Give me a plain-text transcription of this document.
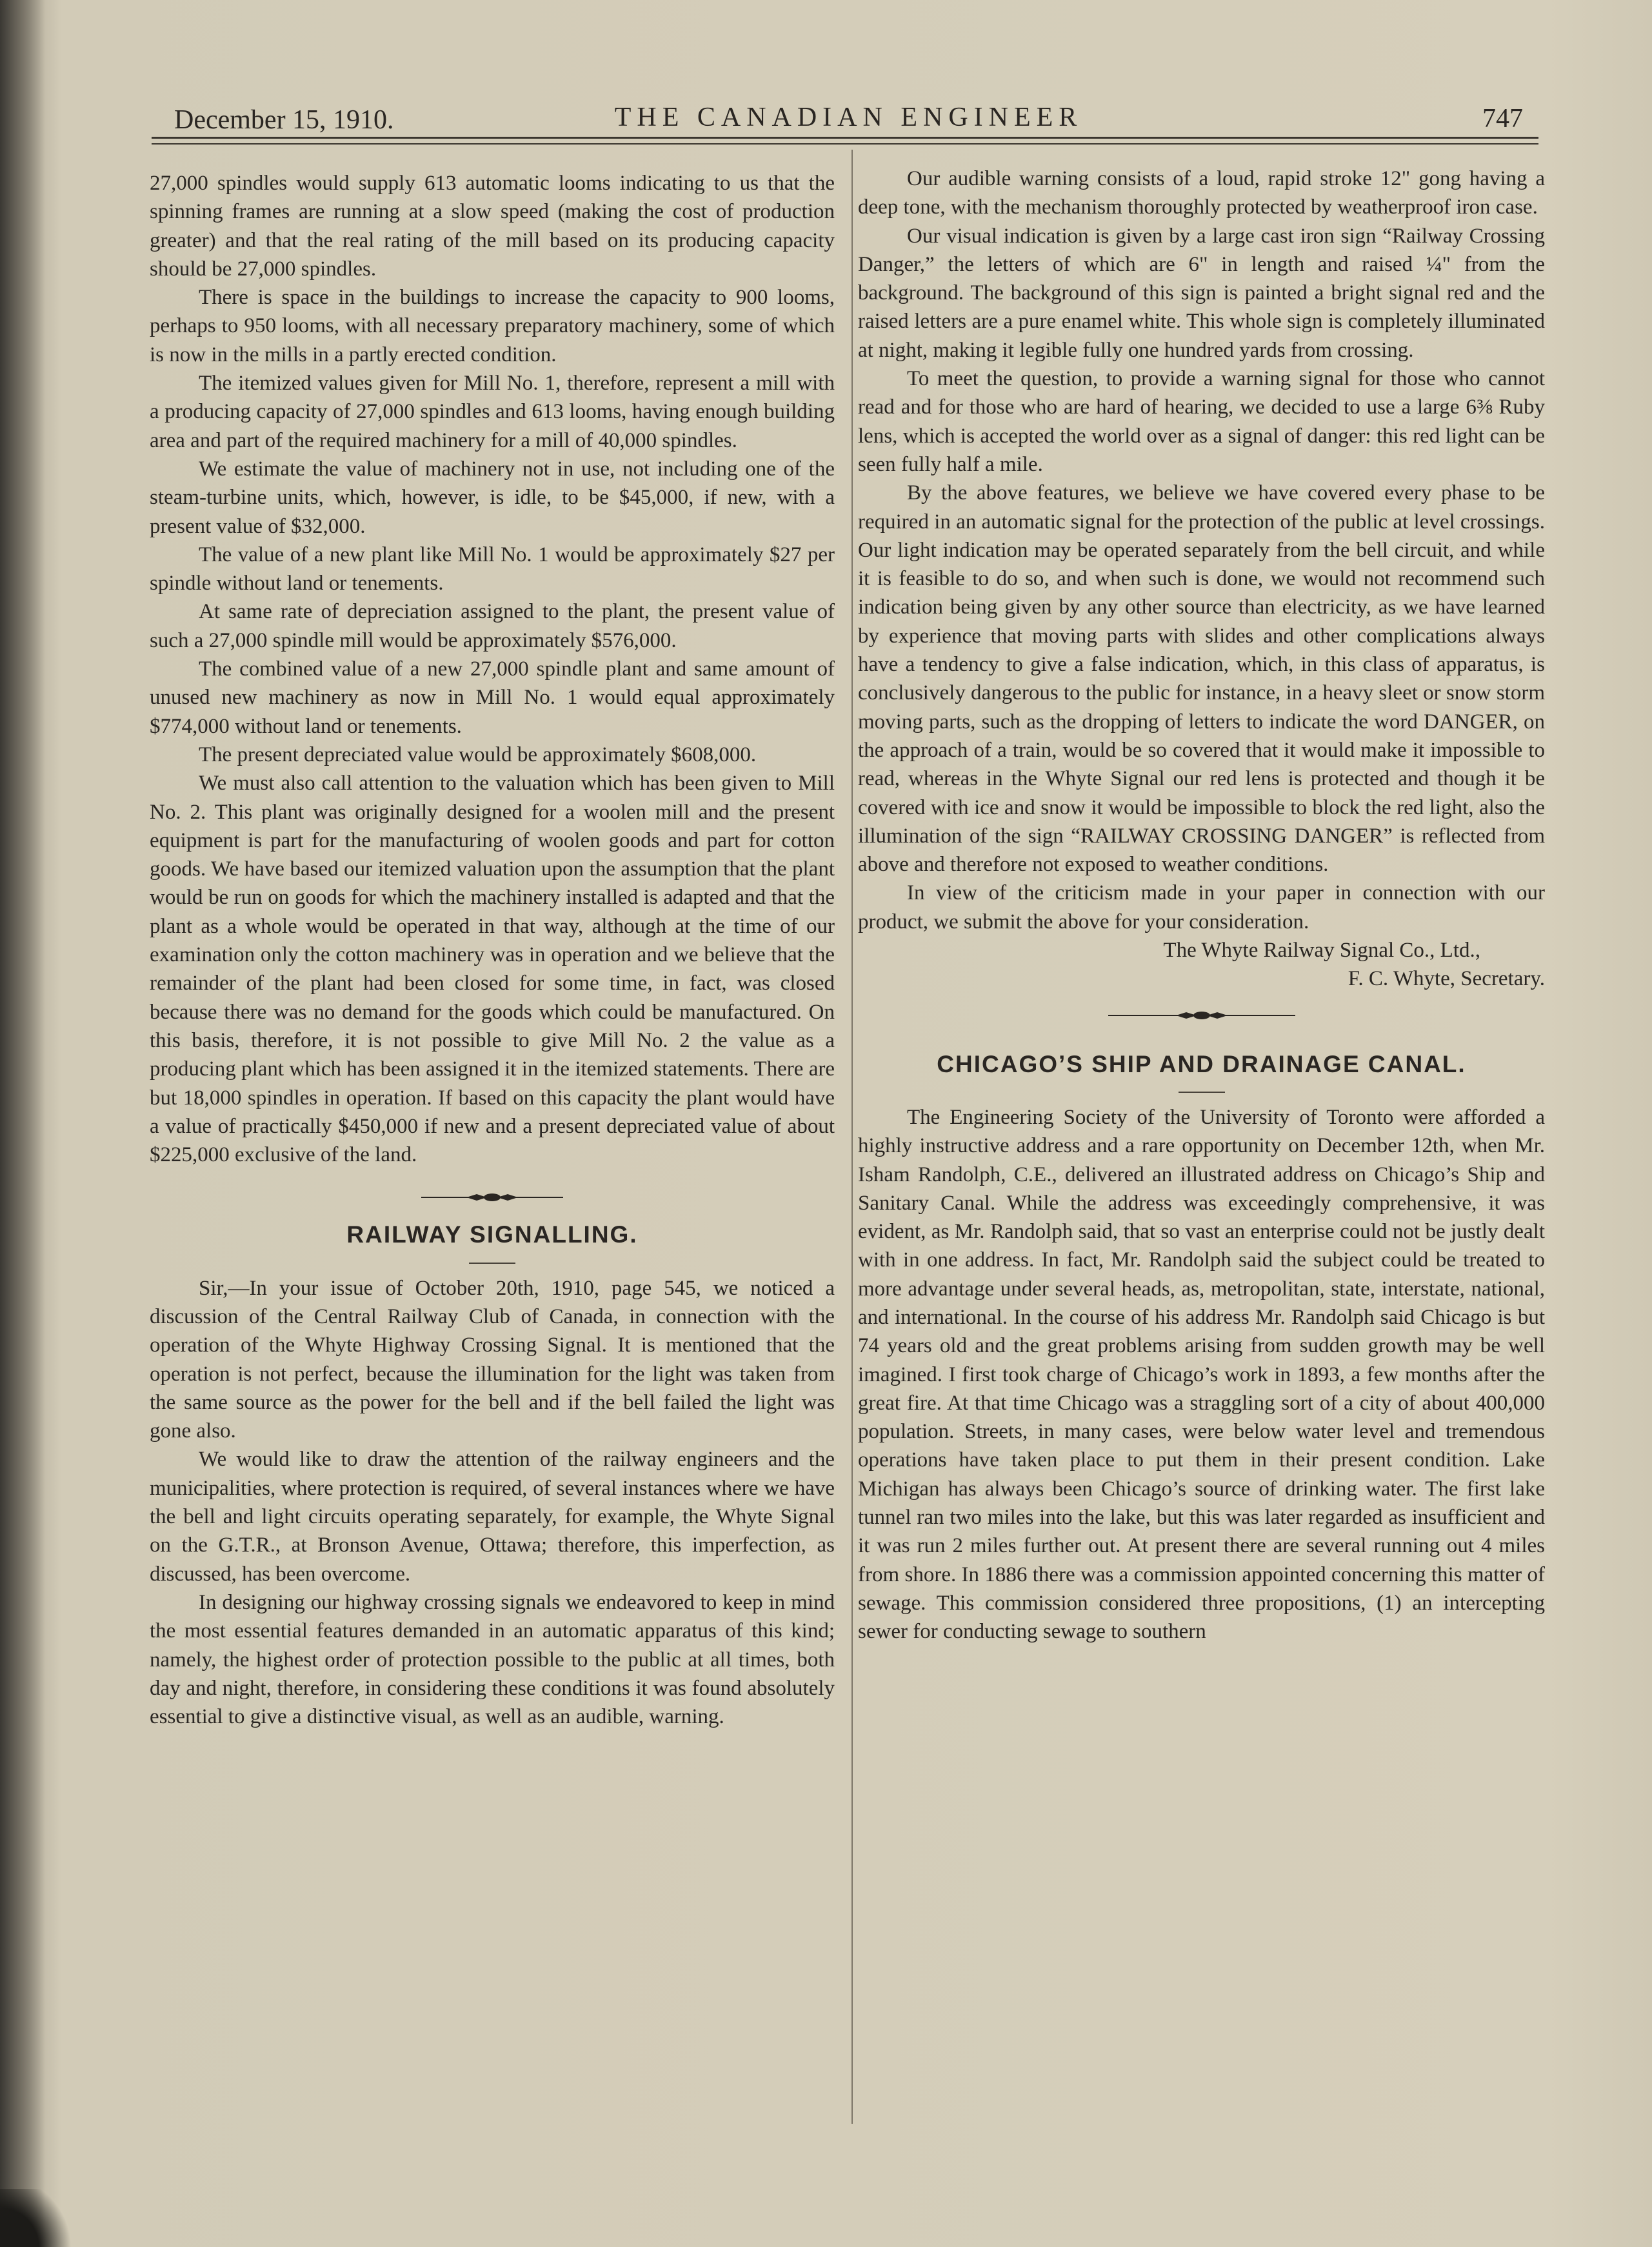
December 15, 1910.	THE CANADIAN ENGINEER	747

27,000 spindles would supply 613 automatic looms indicating to us that the spinning frames are running at a slow speed (making the cost of production greater) and that the real rating of the mill based on its producing capacity should be 27,000 spindles.

There is space in the buildings to increase the capacity to 900 looms, perhaps to 950 looms, with all necessary preparatory machinery, some of which is now in the mills in a partly erected condition.

The itemized values given for Mill No. 1, therefore, represent a mill with a producing capacity of 27,000 spindles and 613 looms, having enough building area and part of the required machinery for a mill of 40,000 spindles.

We estimate the value of machinery not in use, not including one of the steam-turbine units, which, however, is idle, to be $45,000, if new, with a present value of $32,000.

The value of a new plant like Mill No. 1 would be approximately $27 per spindle without land or tenements.

At same rate of depreciation assigned to the plant, the present value of such a 27,000 spindle mill would be approximately $576,000.

The combined value of a new 27,000 spindle plant and same amount of unused new machinery as now in Mill No. 1 would equal approximately $774,000 without land or tenements.

The present depreciated value would be approximately $608,000.

We must also call attention to the valuation which has been given to Mill No. 2. This plant was originally designed for a woolen mill and the present equipment is part for the manufacturing of woolen goods and part for cotton goods. We have based our itemized valuation upon the assumption that the plant would be run on goods for which the machinery installed is adapted and that the plant as a whole would be operated in that way, although at the time of our examination only the cotton machinery was in operation and we believe that the remainder of the plant had been closed for some time, in fact, was closed because there was no demand for the goods which could be manufactured. On this basis, therefore, it is not possible to give Mill No. 2 the value as a producing plant which has been assigned it in the itemized statements. There are but 18,000 spindles in operation. If based on this capacity the plant would have a value of practically $450,000 if new and a present depreciated value of about $225,000 exclusive of the land.

RAILWAY SIGNALLING.

Sir,—In your issue of October 20th, 1910, page 545, we noticed a discussion of the Central Railway Club of Canada, in connection with the operation of the Whyte Highway Crossing Signal. It is mentioned that the operation is not perfect, because the illumination for the light was taken from the same source as the power for the bell and if the bell failed the light was gone also.

We would like to draw the attention of the railway engineers and the municipalities, where protection is required, of several instances where we have the bell and light circuits operating separately, for example, the Whyte Signal on the G.T.R., at Bronson Avenue, Ottawa; therefore, this imperfection, as discussed, has been overcome.

In designing our highway crossing signals we endeavored to keep in mind the most essential features demanded in an automatic apparatus of this kind; namely, the highest order of protection possible to the public at all times, both day and night, therefore, in considering these conditions it was found absolutely essential to give a distinctive visual, as well as an audible, warning.

Our audible warning consists of a loud, rapid stroke 12" gong having a deep tone, with the mechanism thoroughly protected by weatherproof iron case.

Our visual indication is given by a large cast iron sign “Railway Crossing Danger,” the letters of which are 6" in length and raised ¼" from the background. The background of this sign is painted a bright signal red and the raised letters are a pure enamel white. This whole sign is completely illuminated at night, making it legible fully one hundred yards from crossing.

To meet the question, to provide a warning signal for those who cannot read and for those who are hard of hearing, we decided to use a large 6⅜ Ruby lens, which is accepted the world over as a signal of danger: this red light can be seen fully half a mile.

By the above features, we believe we have covered every phase to be required in an automatic signal for the protection of the public at level crossings. Our light indication may be operated separately from the bell circuit, and while it is feasible to do so, and when such is done, we would not recommend such indication being given by any other source than electricity, as we have learned by experience that moving parts with slides and other complications always have a tendency to give a false indication, which, in this class of apparatus, is conclusively dangerous to the public for instance, in a heavy sleet or snow storm moving parts, such as the dropping of letters to indicate the word DANGER, on the approach of a train, would be so covered that it would make it impossible to read, whereas in the Whyte Signal our red lens is protected and though it be covered with ice and snow it would be impossible to block the red light, also the illumination of the sign “RAILWAY CROSSING DANGER” is reflected from above and therefore not exposed to weather conditions.

In view of the criticism made in your paper in connection with our product, we submit the above for your consideration.

The Whyte Railway Signal Co., Ltd.,

F. C. Whyte, Secretary.

CHICAGO’S SHIP AND DRAINAGE CANAL.

The Engineering Society of the University of Toronto were afforded a highly instructive address and a rare opportunity on December 12th, when Mr. Isham Randolph, C.E., delivered an illustrated address on Chicago’s Ship and Sanitary Canal. While the address was exceedingly comprehensive, it was evident, as Mr. Randolph said, that so vast an enterprise could not be justly dealt with in one address. In fact, Mr. Randolph said the subject could be treated to more advantage under several heads, as, metropolitan, state, interstate, national, and international. In the course of his address Mr. Randolph said Chicago is but 74 years old and the great problems arising from sudden growth may be well imagined. I first took charge of Chicago’s work in 1893, a few months after the great fire. At that time Chicago was a straggling sort of a city of about 400,000 population. Streets, in many cases, were below water level and tremendous operations have taken place to put them in their present condition. Lake Michigan has always been Chicago’s source of drinking water. The first lake tunnel ran two miles into the lake, but this was later regarded as insufficient and it was run 2 miles further out. At present there are several running out 4 miles from shore. In 1886 there was a commission appointed concerning this matter of sewage. This commission considered three propositions, (1) an intercepting sewer for conducting sewage to southern
